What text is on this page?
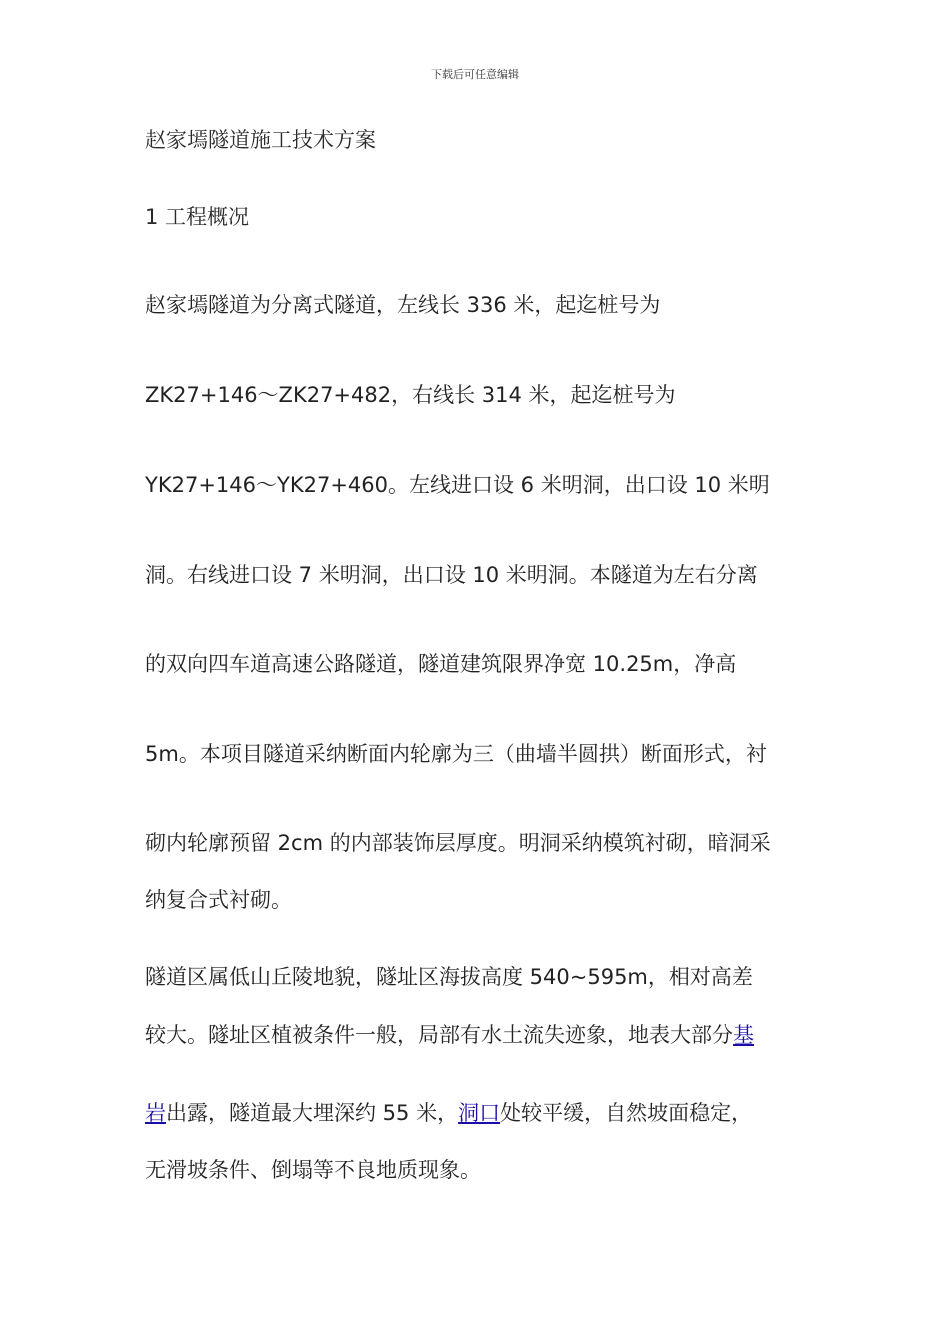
下载后可任意编辑
赵家墕隧道施工技术方案
1 工程概况
赵家墕隧道为分离式隧道，左线长 336 米，起迄桩号为
ZK27+146～ZK27+482，右线长 314 米，起迄桩号为
YK27+146～YK27+460。左线进口设 6 米明洞，出口设 10 米明
洞。右线进口设 7 米明洞，出口设 10 米明洞。本隧道为左右分离
的双向四车道高速公路隧道，隧道建筑限界净宽 10.25m，净高
5m。本项目隧道采纳断面内轮廓为三（曲墙半圆拱）断面形式，衬
砌内轮廓预留 2cm 的内部装饰层厚度。明洞采纳模筑衬砌，暗洞采
纳复合式衬砌。
隧道区属低山丘陵地貌，隧址区海拔高度 540~595m，相对高差
较大。隧址区植被条件一般，局部有水土流失迹象，地表大部分基
岩出露，隧道最大埋深约 55 米，洞口处较平缓，自然坡面稳定，
无滑坡条件、倒塌等不良地质现象。
